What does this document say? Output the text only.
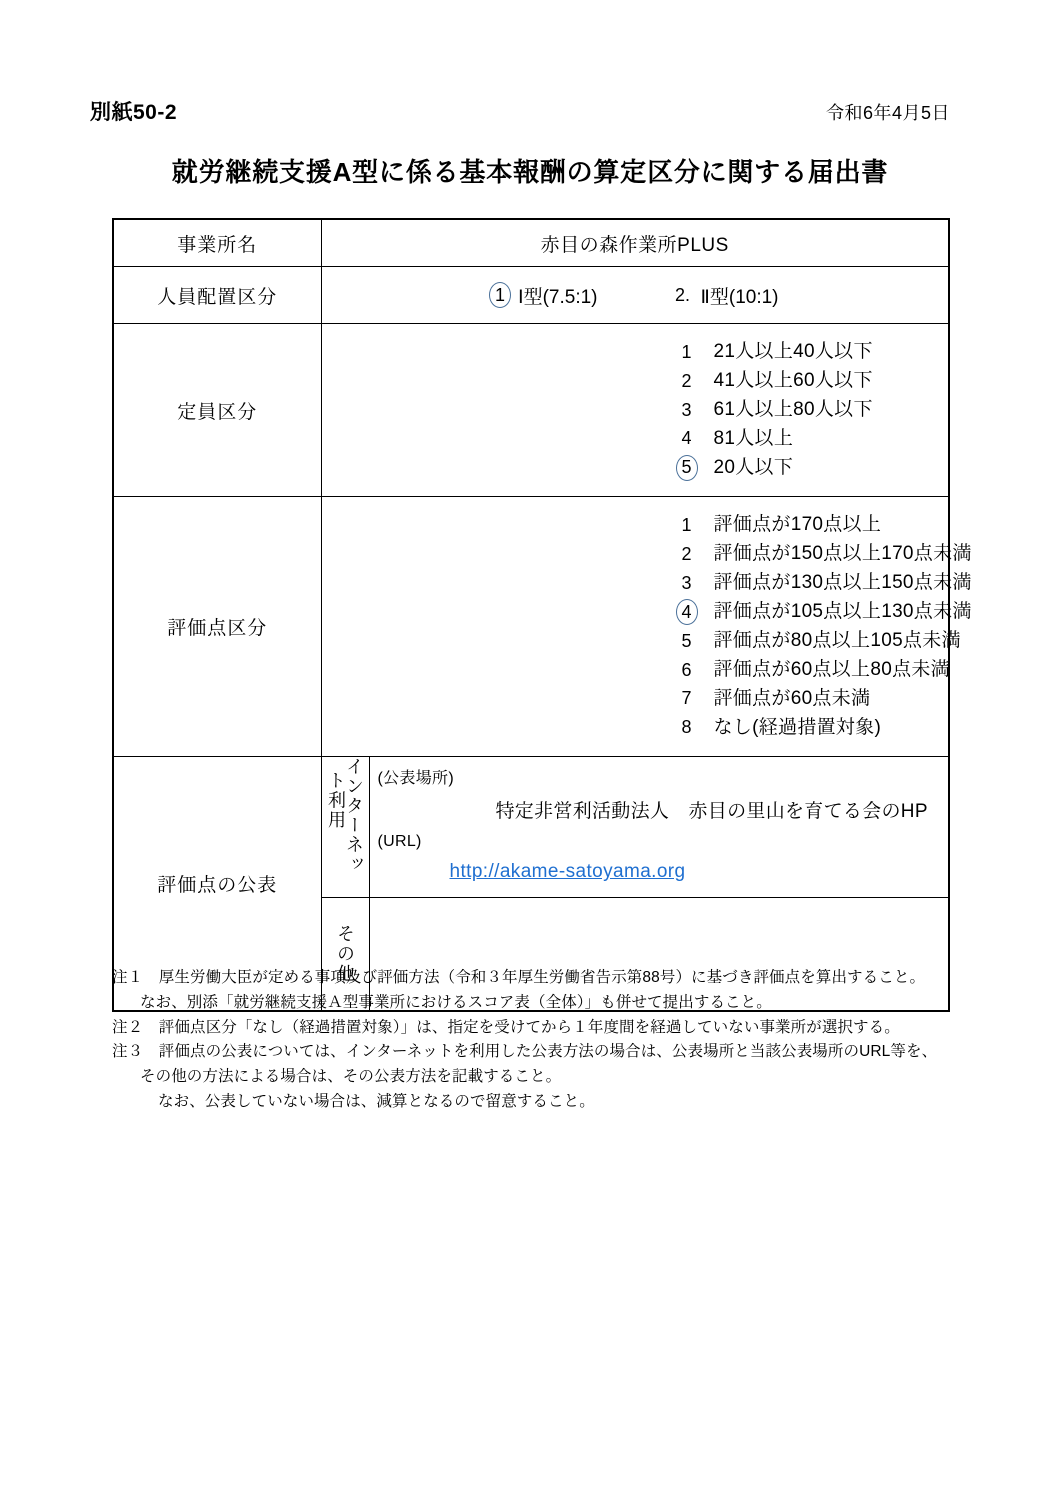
別紙50-2	令和6年4月5日
就労継続支援A型に係る基本報酬の算定区分に関する届出書
事業所名	赤目の森作業所PLUS	

人員配置区分	1 Ⅰ型(7.5:1) 2. Ⅱ型(10:1)	

定員区分	
1	21人以上40人以下
2	41人以上60人以下
3	61人以上80人以下
4	81人以上
5	20人以下

評価点区分	
1	評価点が170点以上
2	評価点が150点以上170点未満
3	評価点が130点以上150点未満
4	評価点が105点以上130点未満
5	評価点が80点以上105点未満
6	評価点が60点以上80点未満
7	評価点が60点未満
8	なし(経過措置対象)

評価点の公表	
インターネッ
ト利用	(公表場所)
特定非営利活動法人　赤目の里山を育てる会のHP
(URL)
http://akame-satoyama.org

	その他	

注１　厚生労働大臣が定める事項及び評価方法（令和３年厚生労働省告示第88号）に基づき評価点を算出すること。
なお、別添「就労継続支援Ａ型事業所におけるスコア表（全体）」も併せて提出すること。
注２　評価点区分「なし（経過措置対象）」は、指定を受けてから１年度間を経過していない事業所が選択する。
注３　評価点の公表については、インターネットを利用した公表方法の場合は、公表場所と当該公表場所のURL等を、
その他の方法による場合は、その公表方法を記載すること。
なお、公表していない場合は、減算となるので留意すること。
